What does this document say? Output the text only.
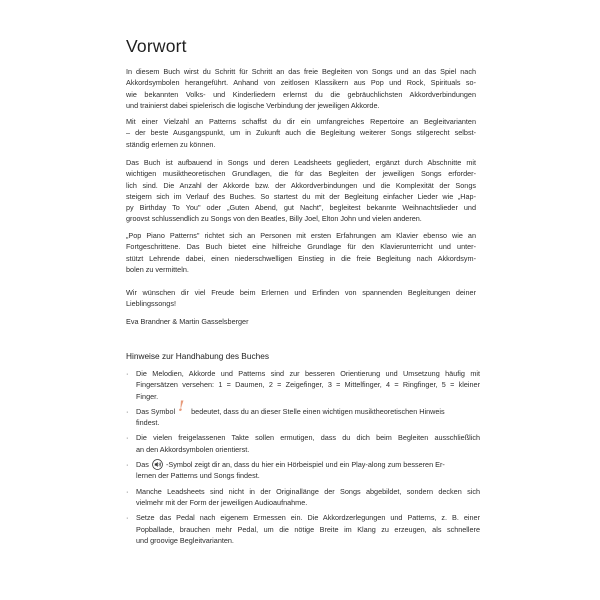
Vorwort
In diesem Buch wirst du Schritt für Schritt an das freie Begleiten von Songs und an das Spiel nach
Akkordsymbolen herangeführt. Anhand von zeitlosen Klassikern aus Pop und Rock, Spirituals so-
wie bekannten Volks- und Kinderliedern erlernst du die gebräuchlichsten Akkordverbindungen
und trainierst dabei spielerisch die logische Verbindung der jeweiligen Akkorde.
Mit einer Vielzahl an Patterns schaffst du dir ein umfangreiches Repertoire an Begleitvarianten
– der beste Ausgangspunkt, um in Zukunft auch die Begleitung weiterer Songs stilgerecht selbst-
ständig erlernen zu können.
Das Buch ist aufbauend in Songs und deren Leadsheets gegliedert, ergänzt durch Abschnitte mit
wichtigen musiktheoretischen Grundlagen, die für das Begleiten der jeweiligen Songs erforder-
lich sind. Die Anzahl der Akkorde bzw. der Akkordverbindungen und die Komplexität der Songs
steigern sich im Verlauf des Buches. So startest du mit der Begleitung einfacher Lieder wie „Hap-
py Birthday To You" oder „Guten Abend, gut Nacht", begleitest bekannte Weihnachtslieder und
groovst schlussendlich zu Songs von den Beatles, Billy Joel, Elton John und vielen anderen.
„Pop Piano Patterns" richtet sich an Personen mit ersten Erfahrungen am Klavier ebenso wie an
Fortgeschrittene. Das Buch bietet eine hilfreiche Grundlage für den Klavierunterricht und unter-
stützt Lehrende dabei, einen niederschwelligen Einstieg in die freie Begleitung nach Akkordsym-
bolen zu vermitteln.
Wir wünschen dir viel Freude beim Erlernen und Erfinden von spannenden Begleitungen deiner
Lieblingssongs!
Eva Brandner & Martin Gasselsberger
Hinweise zur Handhabung des Buches
· Die Melodien, Akkorde und Patterns sind zur besseren Orientierung und Umsetzung häufig mit
Fingersätzen versehen: 1 = Daumen, 2 = Zeigefinger, 3 = Mittelfinger, 4 = Ringfinger, 5 = kleiner
Finger.
· Das Symbol ! bedeutet, dass du an dieser Stelle einen wichtigen musiktheoretischen Hinweis
findest.
· Die vielen freigelassenen Takte sollen ermutigen, dass du dich beim Begleiten ausschließlich
an den Akkordsymbolen orientierst.
· Das -Symbol zeigt dir an, dass du hier ein Hörbeispiel und ein Play-along zum besseren Er-
lernen der Patterns und Songs findest.
· Manche Leadsheets sind nicht in der Originallänge der Songs abgebildet, sondern decken sich
vielmehr mit der Form der jeweiligen Audioaufnahme.
· Setze das Pedal nach eigenem Ermessen ein. Die Akkordzerlegungen und Patterns, z. B. einer
Popballade, brauchen mehr Pedal, um die nötige Breite im Klang zu erzeugen, als schnellere
und groovige Begleitvarianten.
